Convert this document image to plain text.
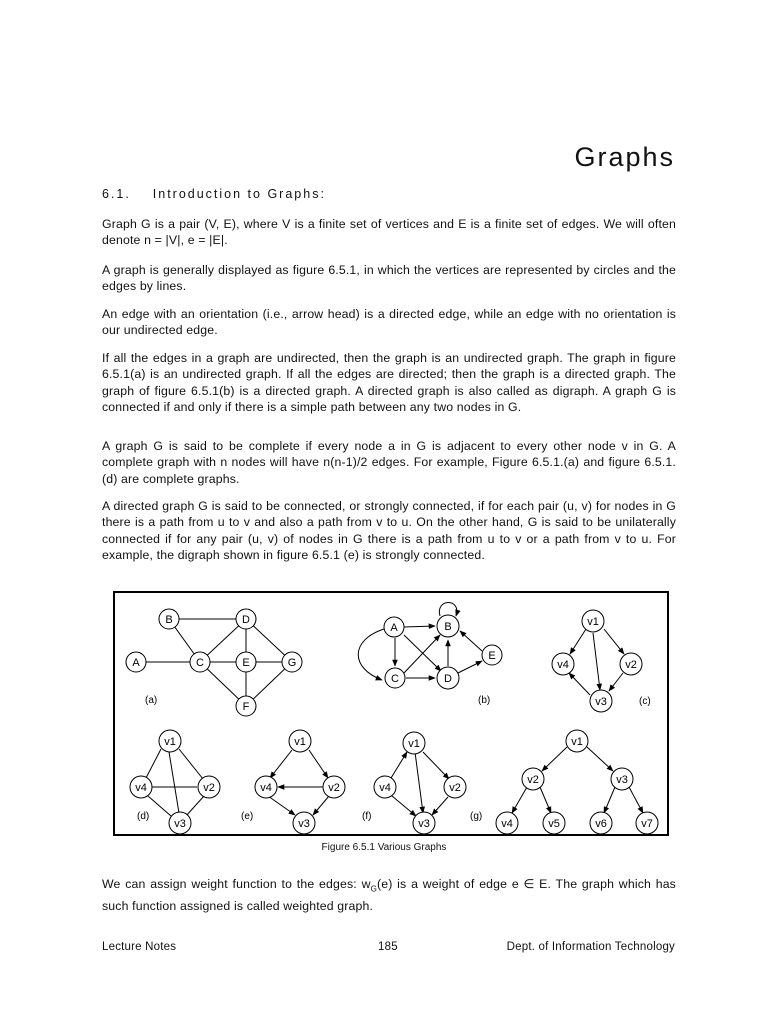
Graphs
6.1. Introduction to Graphs:

Graph G is a pair (V, E), where V is a finite set of vertices and E is a finite set of edges. We will often denote n = |V|, e = |E|.

A graph is generally displayed as figure 6.5.1, in which the vertices are represented by circles and the edges by lines.

An edge with an orientation (i.e., arrow head) is a directed edge, while an edge with no orientation is our undirected edge.

If all the edges in a graph are undirected, then the graph is an undirected graph. The graph in figure 6.5.1(a) is an undirected graph. If all the edges are directed; then the graph is a directed graph. The graph of figure 6.5.1(b) is a directed graph. A directed graph is also called as digraph. A graph G is connected if and only if there is a simple path between any two nodes in G.

A graph G is said to be complete if every node a in G is adjacent to every other node v in G. A complete graph with n nodes will have n(n-1)/2 edges. For example, Figure 6.5.1.(a) and figure 6.5.1.(d) are complete graphs.

A directed graph G is said to be connected, or strongly connected, if for each pair (u, v) for nodes in G there is a path from u to v and also a path from v to u. On the other hand, G is said to be unilaterally connected if for any pair (u, v) of nodes in G there is a path from u to v or a path from v to u. For example, the digraph shown in figure 6.5.1 (e) is strongly connected.

B	D
A	C	E	G
F
A	B
E
C	D
v1
v4	v2
v3
v1
v4	v2
v3
v1
v4	v2
v3
v1
v4	v2
v3
v1
v2	v3
v4	v5	v6	v7
(a)	(b)	(c)
(d)	(e)	(f)	(g)
Figure 6.5.1 Various Graphs

We can assign weight function to the edges: $w_G(e)$ is a weight of edge e ∈ E. The graph which has such function assigned is called weighted graph.

Lecture Notes	185	Dept. of Information Technology
